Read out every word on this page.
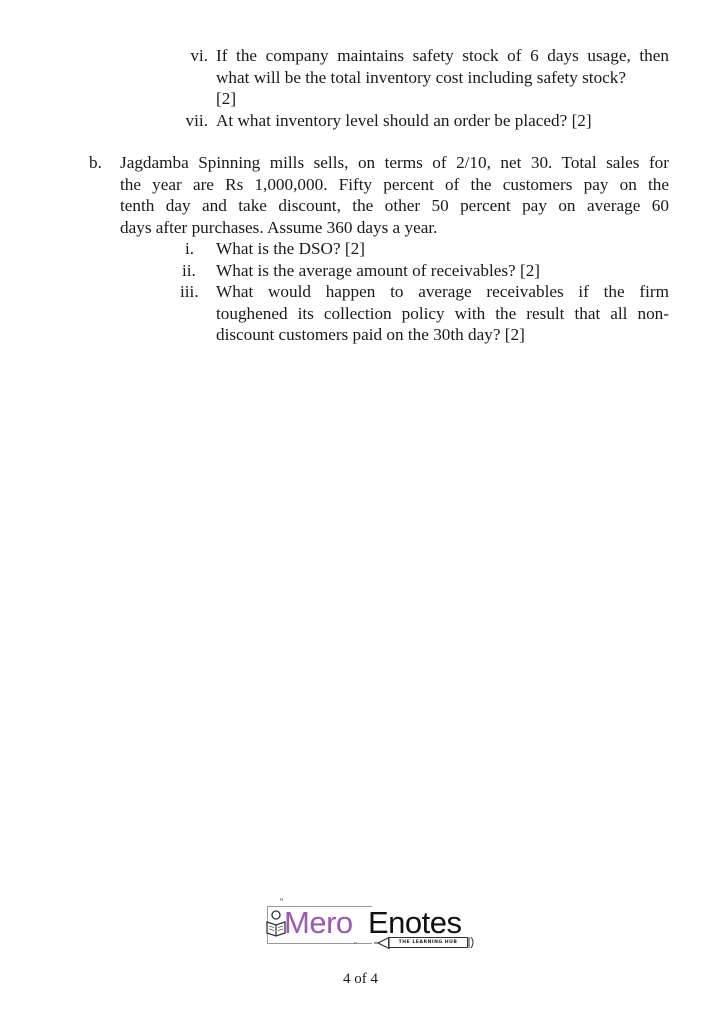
vi. If the company maintains safety stock of 6 days usage, then
what will be the total inventory cost including safety stock?
[2]
vii. At what inventory level should an order be placed? [2]
b.	Jagdamba Spinning mills sells, on terms of 2/10, net 30. Total sales for
the year are Rs 1,000,000. Fifty percent of the customers pay on the
tenth day and take discount, the other 50 percent pay on average 60
days after purchases. Assume 360 days a year.
i.	What is the DSO? [2]
ii.	What is the average amount of receivables? [2]
iii.	What would happen to average receivables if the firm
toughened its collection policy with the result that all non-
discount customers paid on the 30th day? [2]
“
Mero Enotes
”	THE LEARNING HUB
4 of 4
